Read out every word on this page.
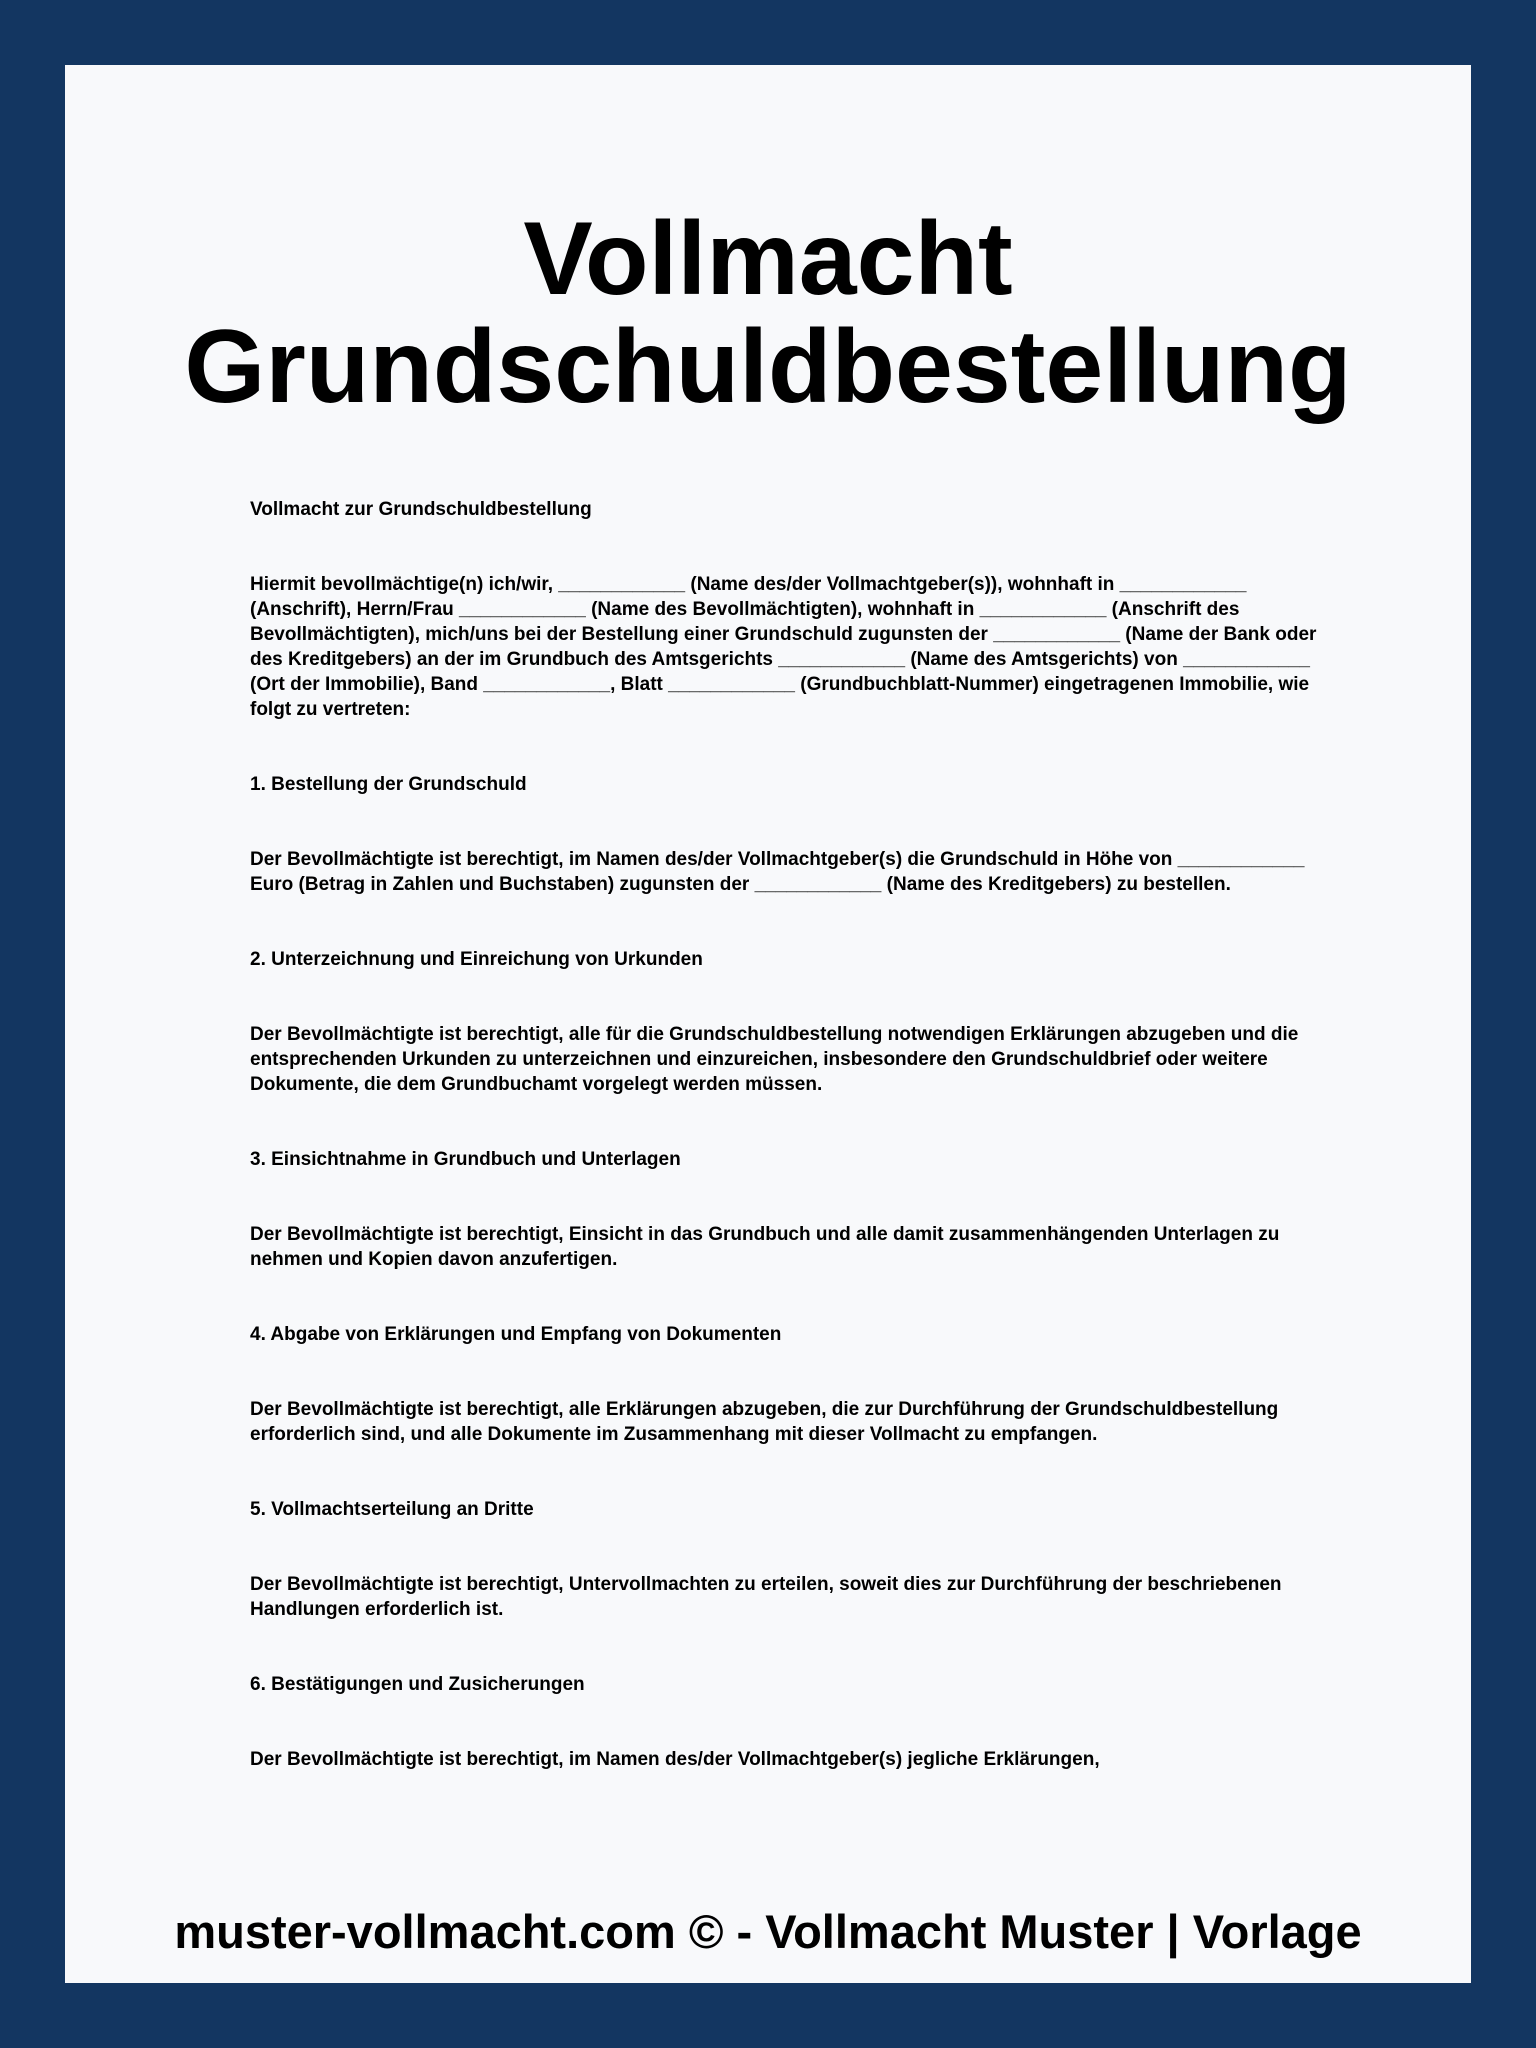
Vollmacht
Grundschuldbestellung

Vollmacht zur Grundschuldbestellung

Hiermit bevollmächtige(n) ich/wir, ____________ (Name des/der Vollmachtgeber(s)), wohnhaft in ____________ (Anschrift), Herrn/Frau ____________ (Name des Bevollmächtigten), wohnhaft in ____________ (Anschrift des Bevollmächtigten), mich/uns bei der Bestellung einer Grundschuld zugunsten der ____________ (Name der Bank oder des Kreditgebers) an der im Grundbuch des Amtsgerichts ____________ (Name des Amtsgerichts) von ____________ (Ort der Immobilie), Band ____________, Blatt ____________ (Grundbuchblatt-Nummer) eingetragenen Immobilie, wie folgt zu vertreten:

1. Bestellung der Grundschuld

Der Bevollmächtigte ist berechtigt, im Namen des/der Vollmachtgeber(s) die Grundschuld in Höhe von ____________ Euro (Betrag in Zahlen und Buchstaben) zugunsten der ____________ (Name des Kreditgebers) zu bestellen.

2. Unterzeichnung und Einreichung von Urkunden

Der Bevollmächtigte ist berechtigt, alle für die Grundschuldbestellung notwendigen Erklärungen abzugeben und die entsprechenden Urkunden zu unterzeichnen und einzureichen, insbesondere den Grundschuldbrief oder weitere Dokumente, die dem Grundbuchamt vorgelegt werden müssen.

3. Einsichtnahme in Grundbuch und Unterlagen

Der Bevollmächtigte ist berechtigt, Einsicht in das Grundbuch und alle damit zusammenhängenden Unterlagen zu nehmen und Kopien davon anzufertigen.

4. Abgabe von Erklärungen und Empfang von Dokumenten

Der Bevollmächtigte ist berechtigt, alle Erklärungen abzugeben, die zur Durchführung der Grundschuldbestellung erforderlich sind, und alle Dokumente im Zusammenhang mit dieser Vollmacht zu empfangen.

5. Vollmachtserteilung an Dritte

Der Bevollmächtigte ist berechtigt, Untervollmachten zu erteilen, soweit dies zur Durchführung der beschriebenen Handlungen erforderlich ist.

6. Bestätigungen und Zusicherungen

Der Bevollmächtigte ist berechtigt, im Namen des/der Vollmachtgeber(s) jegliche Erklärungen,

muster-vollmacht.com © - Vollmacht Muster | Vorlage
